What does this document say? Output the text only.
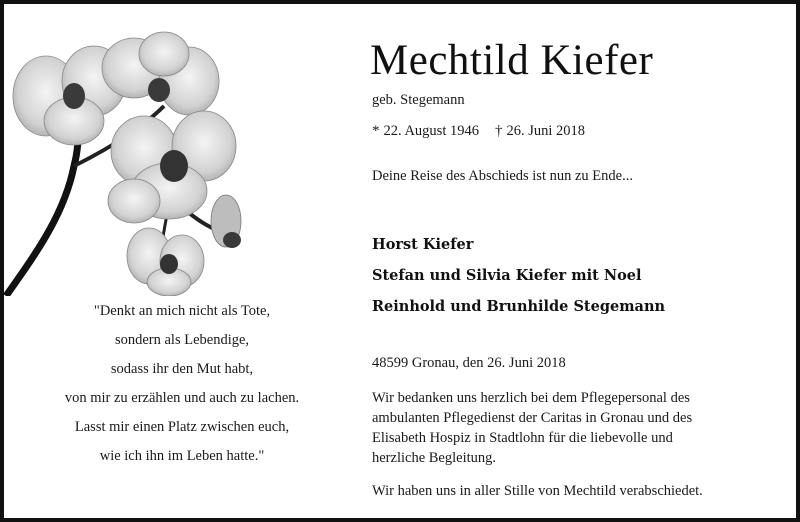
"Denkt an mich nicht als Tote,
sondern als Lebendige,
sodass ihr den Mut habt,
von mir zu erzählen und auch zu lachen.
Lasst mir einen Platz zwischen euch,
wie ich ihn im Leben hatte."
Mechtild Kiefer
geb. Stegemann
* 22. August 1946 † 26. Juni 2018
Deine Reise des Abschieds ist nun zu Ende...
Horst Kiefer
Stefan und Silvia Kiefer mit Noel
Reinhold und Brunhilde Stegemann
48599 Gronau, den 26. Juni 2018
Wir bedanken uns herzlich bei dem Pflegepersonal des
ambulanten Pflegedienst der Caritas in Gronau und des
Elisabeth Hospiz in Stadtlohn für die liebevolle und
herzliche Begleitung.
Wir haben uns in aller Stille von Mechtild verabschiedet.
